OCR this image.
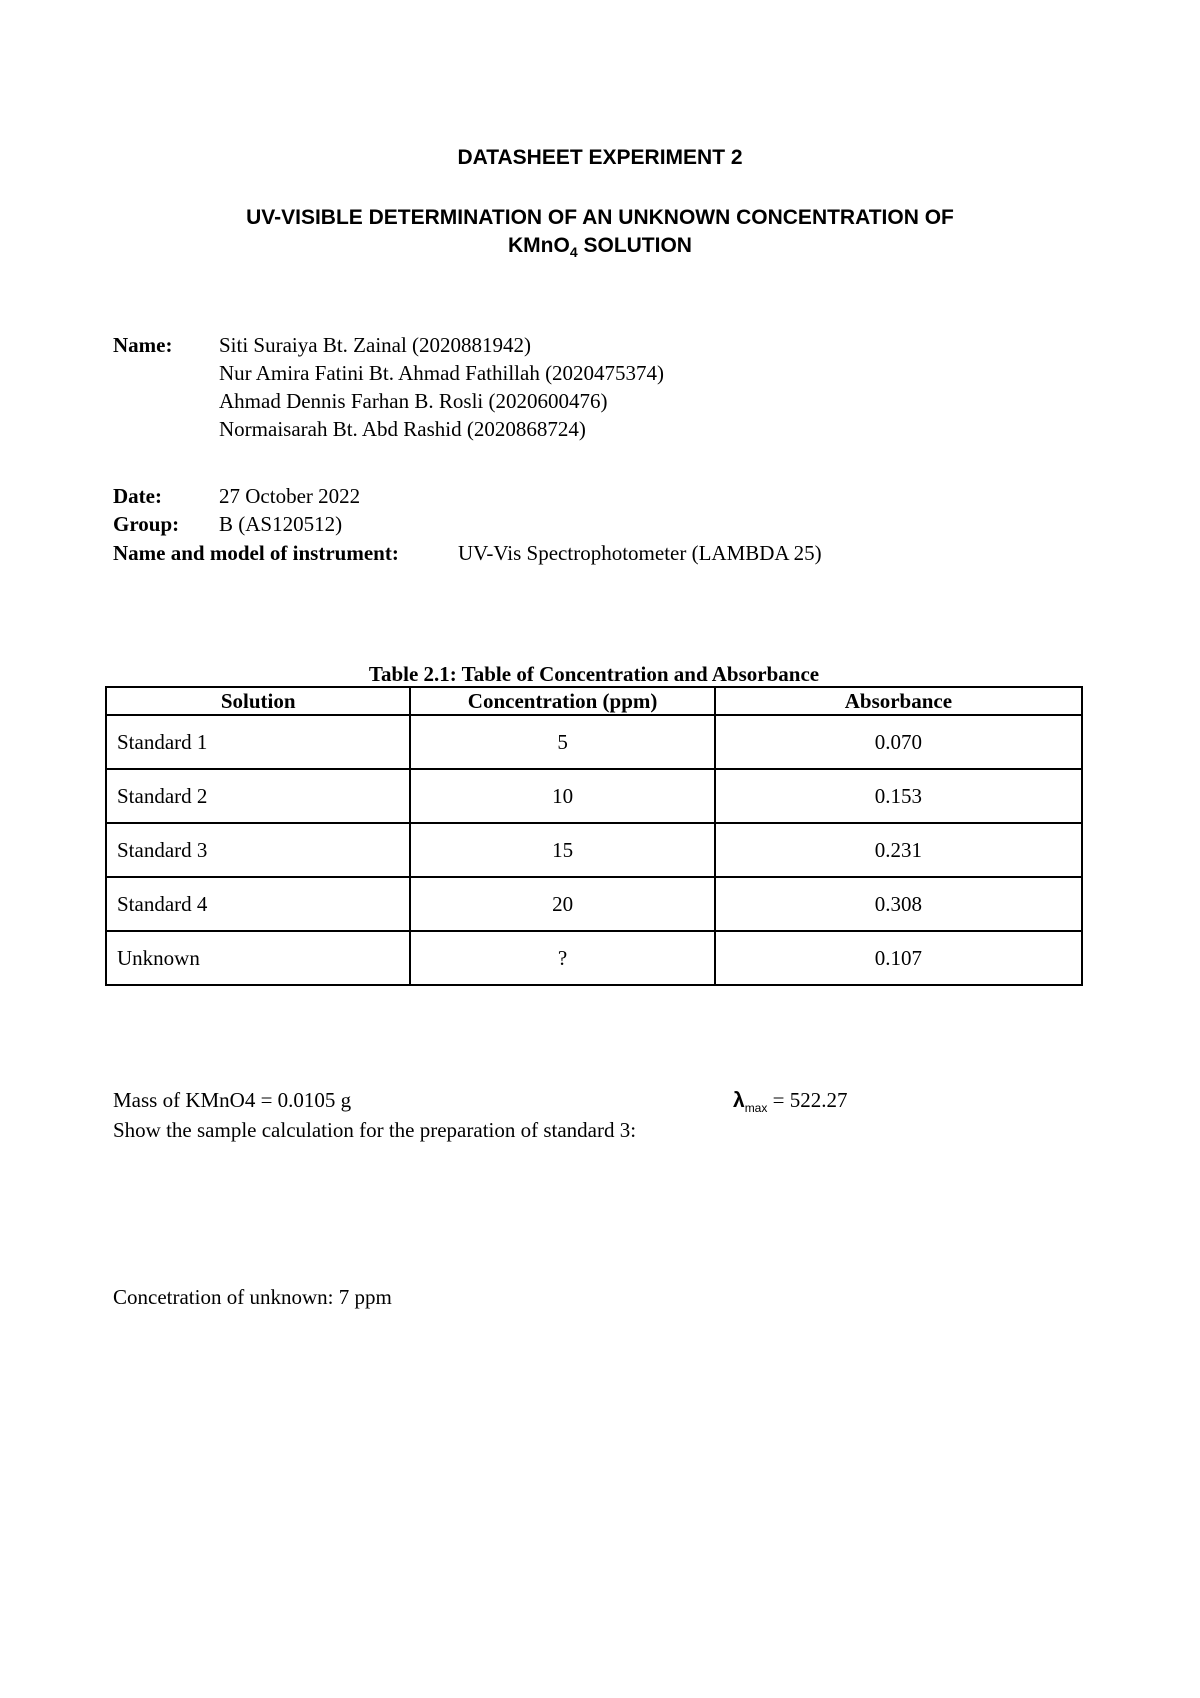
DATASHEET EXPERIMENT 2
UV-VISIBLE DETERMINATION OF AN UNKNOWN CONCENTRATION OF
KMnO$_4$ SOLUTION
Name: Siti Suraiya Bt. Zainal (2020881942)
Nur Amira Fatini Bt. Ahmad Fathillah (2020475374)
Ahmad Dennis Farhan B. Rosli (2020600476)
Normaisarah Bt. Abd Rashid (2020868724)
Date:	27 October 2022
Group: B (AS120512)
Name and model of instrument:	UV-Vis Spectrophotometer (LAMBDA 25)
Table 2.1: Table of Concentration and Absorbance
Solution	Concentration (ppm)	Absorbance
Standard 1	5	0.070
Standard 2	10	0.153
Standard 3	15	0.231
Standard 4	20	0.308
Unknown	?	0.107
Mass of KMnO4 = 0.0105 g	$\lambda_{max} = 522.27$
Show the sample calculation for the preparation of standard 3:
Concetration of unknown: 7 ppm
